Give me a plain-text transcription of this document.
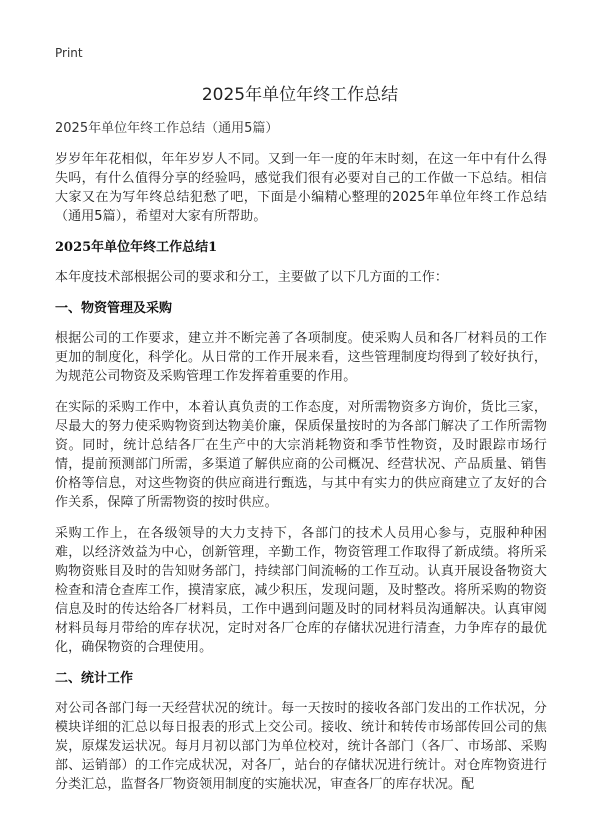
Print
2025年单位年终工作总结
2025年单位年终工作总结（通用5篇）

岁岁年年花相似，年年岁岁人不同。又到一年一度的年末时刻，在这一年中有什么得失吗，有什么值得分享的经验吗，感觉我们很有必要对自己的工作做一下总结。相信大家又在为写年终总结犯愁了吧，下面是小编精心整理的2025年单位年终工作总结（通用5篇），希望对大家有所帮助。

2025年单位年终工作总结1

本年度技术部根据公司的要求和分工，主要做了以下几方面的工作：

一、物资管理及采购

根据公司的工作要求，建立并不断完善了各项制度。使采购人员和各厂材料员的工作更加的制度化，科学化。从日常的工作开展来看，这些管理制度均得到了较好执行，为规范公司物资及采购管理工作发挥着重要的作用。

在实际的采购工作中，本着认真负责的工作态度，对所需物资多方询价，货比三家，尽最大的努力使采购物资到达物美价廉，保质保量按时的为各部门解决了工作所需物资。同时，统计总结各厂在生产中的大宗消耗物资和季节性物资，及时跟踪市场行情，提前预测部门所需，多渠道了解供应商的公司概况、经营状况、产品质量、销售价格等信息，对这些物资的供应商进行甄选，与其中有实力的供应商建立了友好的合作关系，保障了所需物资的按时供应。

采购工作上，在各级领导的大力支持下，各部门的技术人员用心参与，克服种种困难，以经济效益为中心，创新管理，辛勤工作，物资管理工作取得了新成绩。将所采购物资账目及时的告知财务部门，持续部门间流畅的工作互动。认真开展设备物资大检查和清仓查库工作，摸清家底，减少积压，发现问题，及时整改。将所采购的物资信息及时的传达给各厂材料员，工作中遇到问题及时的同材料员沟通解决。认真审阅材料员每月带给的库存状况，定时对各厂仓库的存储状况进行清查，力争库存的最优化，确保物资的合理使用。

二、统计工作

对公司各部门每一天经营状况的统计。每一天按时的接收各部门发出的工作状况，分模块详细的汇总以每日报表的形式上交公司。接收、统计和转传市场部传回公司的焦炭，原煤发运状况。每月月初以部门为单位校对，统计各部门（各厂、市场部、采购部、运销部）的工作完成状况，对各厂，站台的存储状况进行统计。对仓库物资进行分类汇总，监督各厂物资领用制度的实施状况，审查各厂的库存状况。配
